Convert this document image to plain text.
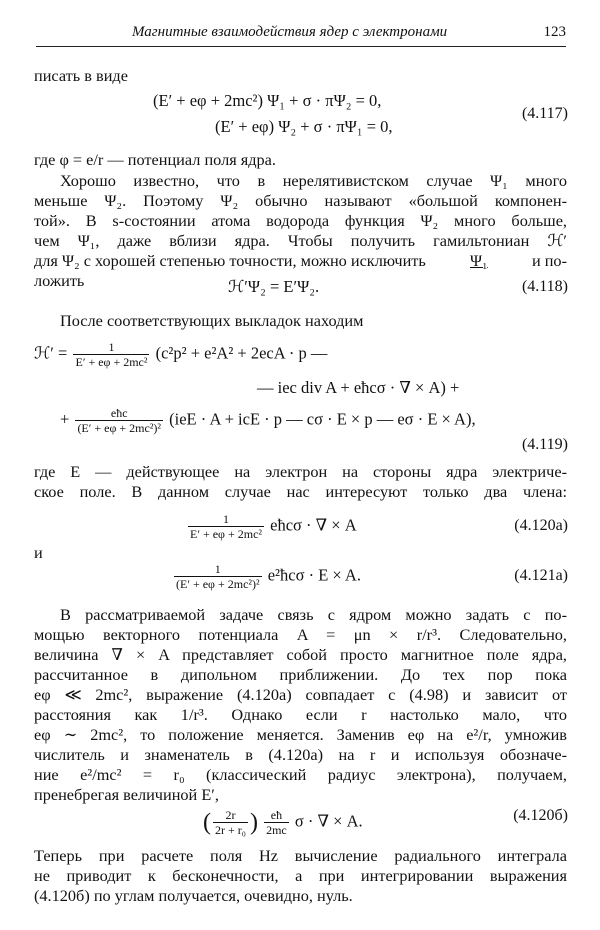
Магнитные взаимодействия ядер с электронами	123
писать в виде
(E′ + eφ + 2mc²) Ψ₁ + σ · πΨ₂ = 0,
(E′ + eφ) Ψ₂ + σ · πΨ₁ = 0,
(4.117)
где φ = e/r — потенциал поля ядра.
Хорошо известно, что в нерелятивистском случае Ψ₁ много
меньше Ψ₂. Поэтому Ψ₂ обычно называют «большой компонен-
той». В s-состоянии атома водорода функция Ψ₂ много больше,
чем Ψ₁, даже вблизи ядра. Чтобы получить гамильтониан ℋ′
для Ψ₂ с хорошей степенью точности, можно исключить	Ψ₁	и по-
ложить	ℋ′Ψ₂ = E′Ψ₂.	(4.118)
После соответствующих выкладок находим
ℋ′ = $\frac{1}{\text{E′ + eφ + 2mc²}} (c^2p^2 + e^2A^2 + 2ecA \cdot p$ —
— iec div A + eħcσ · ∇ × A) +
+ $\frac{\text{eħc}}{\text{(E′ + eφ + 2mc²)²}} (ieE \cdot A$ + icE · p — cσ · E × p — eσ · E × A),
(4.119)
где E — действующее на электрон на стороны ядра электриче-
ское поле. В данном случае нас интересуют только два члена:
$\frac{1}{\text{E′ + eφ + 2mc²}}$ eħcσ · ∇ × A	(4.120а)
и
$\frac{1}{\text{(E′ + eφ + 2mc²)²}}$ e²ħcσ · E × A.	(4.121а)
В рассматриваемой задаче связь с ядром можно задать с по-
мощью векторного потенциала A = μn × r/r³. Следовательно,
величина ∇ × A представляет собой просто магнитное поле ядра,
рассчитанное в дипольном приближении. До тех пор пока
eφ ≪ 2mc², выражение (4.120а) совпадает с (4.98) и зависит от
расстояния как 1/r³. Однако если r настолько мало, что
eφ ∼ 2mc², то положение меняется. Заменив eφ на e²/r, умножив
числитель и знаменатель в (4.120а) на r и используя обозначе-
ние e²/mc² = r₀ (классический радиус электрона), получаем,
пренебрегая величиной E′,
( $\frac{2r}{\text{2r + r₀}}$ ) $\frac{eħ}{2mc}$ σ · ∇ × A.	(4.120б)
Теперь при расчете поля Hz вычисление радиального интеграла
не приводит к бесконечности, а при интегрировании выражения
(4.120б) по углам получается, очевидно, нуль.
